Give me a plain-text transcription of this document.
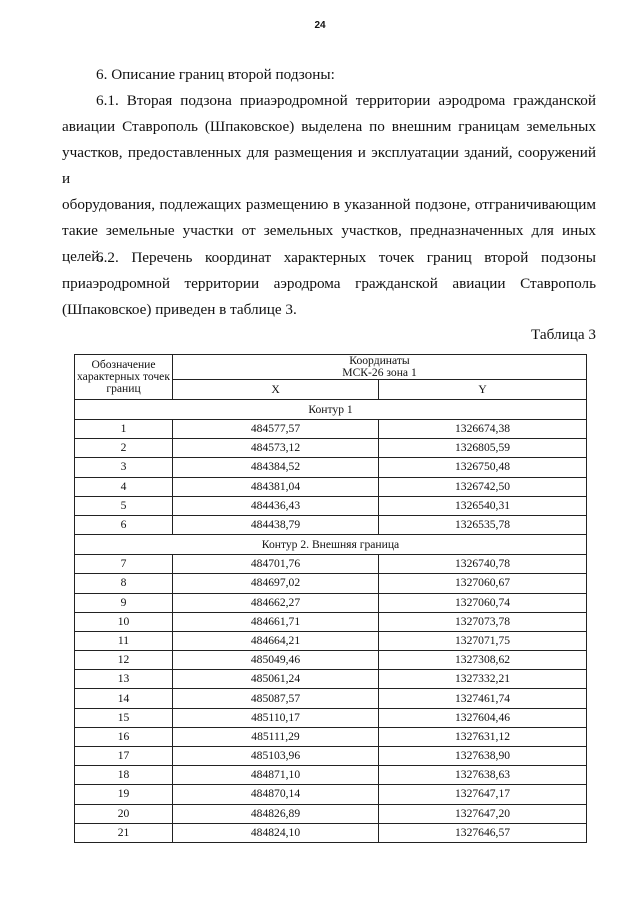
24

6. Описание границ второй подзоны:

6.1. Вторая подзона приаэродромной территории аэродрома гражданской
авиации Ставрополь (Шпаковское) выделена по внешним границам земельных
участков, предоставленных для размещения и эксплуатации зданий, сооружений и
оборудования, подлежащих размещению в указанной подзоне, отграничивающим
такие земельные участки от земельных участков, предназначенных для иных
целей.

6.2. Перечень координат характерных точек границ второй подзоны
приаэродромной территории аэродрома гражданской авиации Ставрополь
(Шпаковское) приведен в таблице 3.

Таблица 3
Обозначение характерных точек границ	Координаты
МСК-26 зона 1	
	X	Y
Контур 1		
1	484577,57	1326674,38
2	484573,12	1326805,59
3	484384,52	1326750,48
4	484381,04	1326742,50
5	484436,43	1326540,31
6	484438,79	1326535,78
Контур 2. Внешняя граница		
7	484701,76	1326740,78
8	484697,02	1327060,67
9	484662,27	1327060,74
10	484661,71	1327073,78
11	484664,21	1327071,75
12	485049,46	1327308,62
13	485061,24	1327332,21
14	485087,57	1327461,74
15	485110,17	1327604,46
16	485111,29	1327631,12
17	485103,96	1327638,90
18	484871,10	1327638,63
19	484870,14	1327647,17
20	484826,89	1327647,20
21	484824,10	1327646,57
